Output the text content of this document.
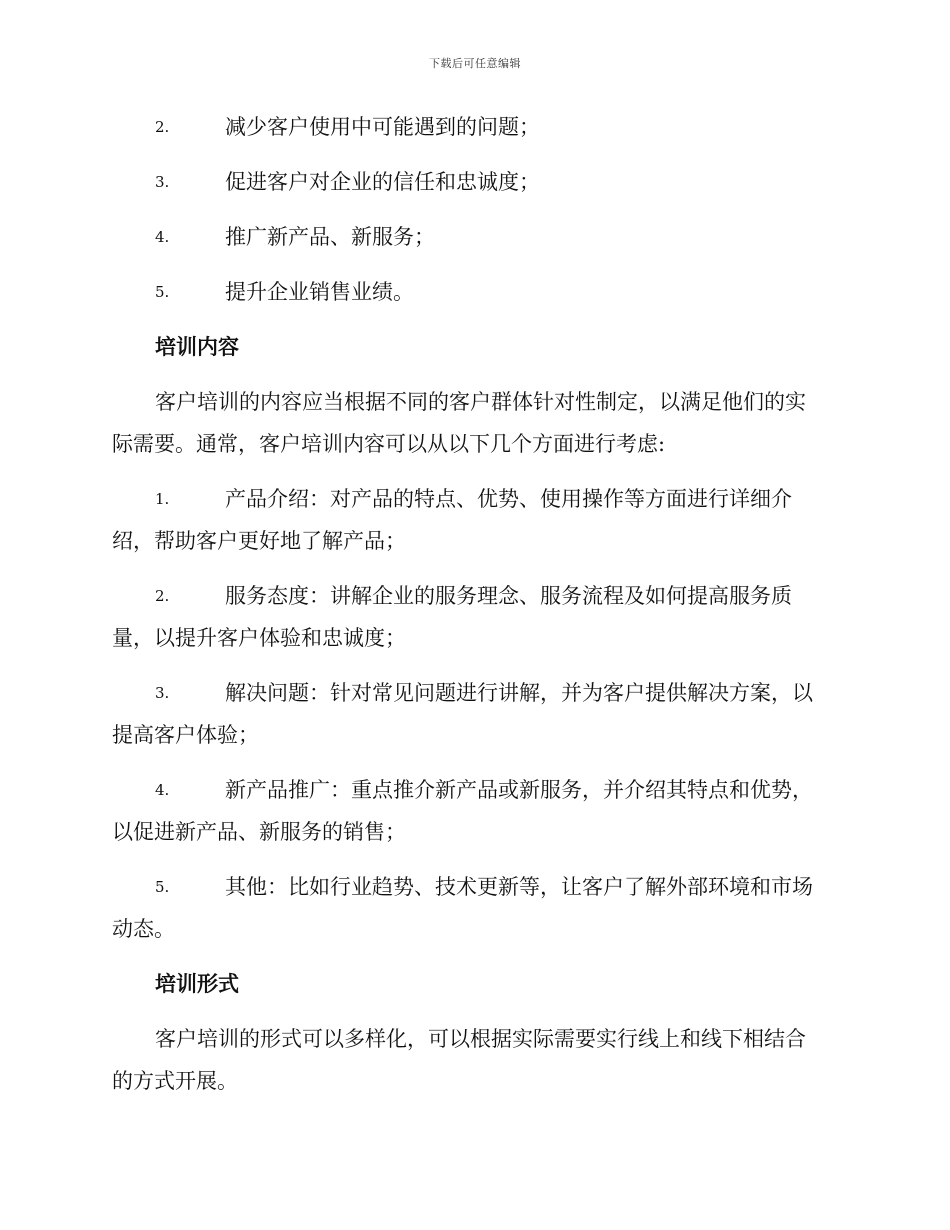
下载后可任意编辑
2.	减少客户使用中可能遇到的问题；
3.	促进客户对企业的信任和忠诚度；
4.	推广新产品、新服务；
5.	提升企业销售业绩。
培训内容
客户培训的内容应当根据不同的客户群体针对性制定，以满足他们的实
际需要。通常，客户培训内容可以从以下几个方面进行考虑:
1.	产品介绍：对产品的特点、优势、使用操作等方面进行详细介
绍，帮助客户更好地了解产品；
2.	服务态度：讲解企业的服务理念、服务流程及如何提高服务质
量，以提升客户体验和忠诚度；
3.	解决问题：针对常见问题进行讲解，并为客户提供解决方案，以
提高客户体验；
4.	新产品推广：重点推介新产品或新服务，并介绍其特点和优势，
以促进新产品、新服务的销售；
5.	其他：比如行业趋势、技术更新等，让客户了解外部环境和市场
动态。
培训形式
客户培训的形式可以多样化，可以根据实际需要实行线上和线下相结合
的方式开展。
